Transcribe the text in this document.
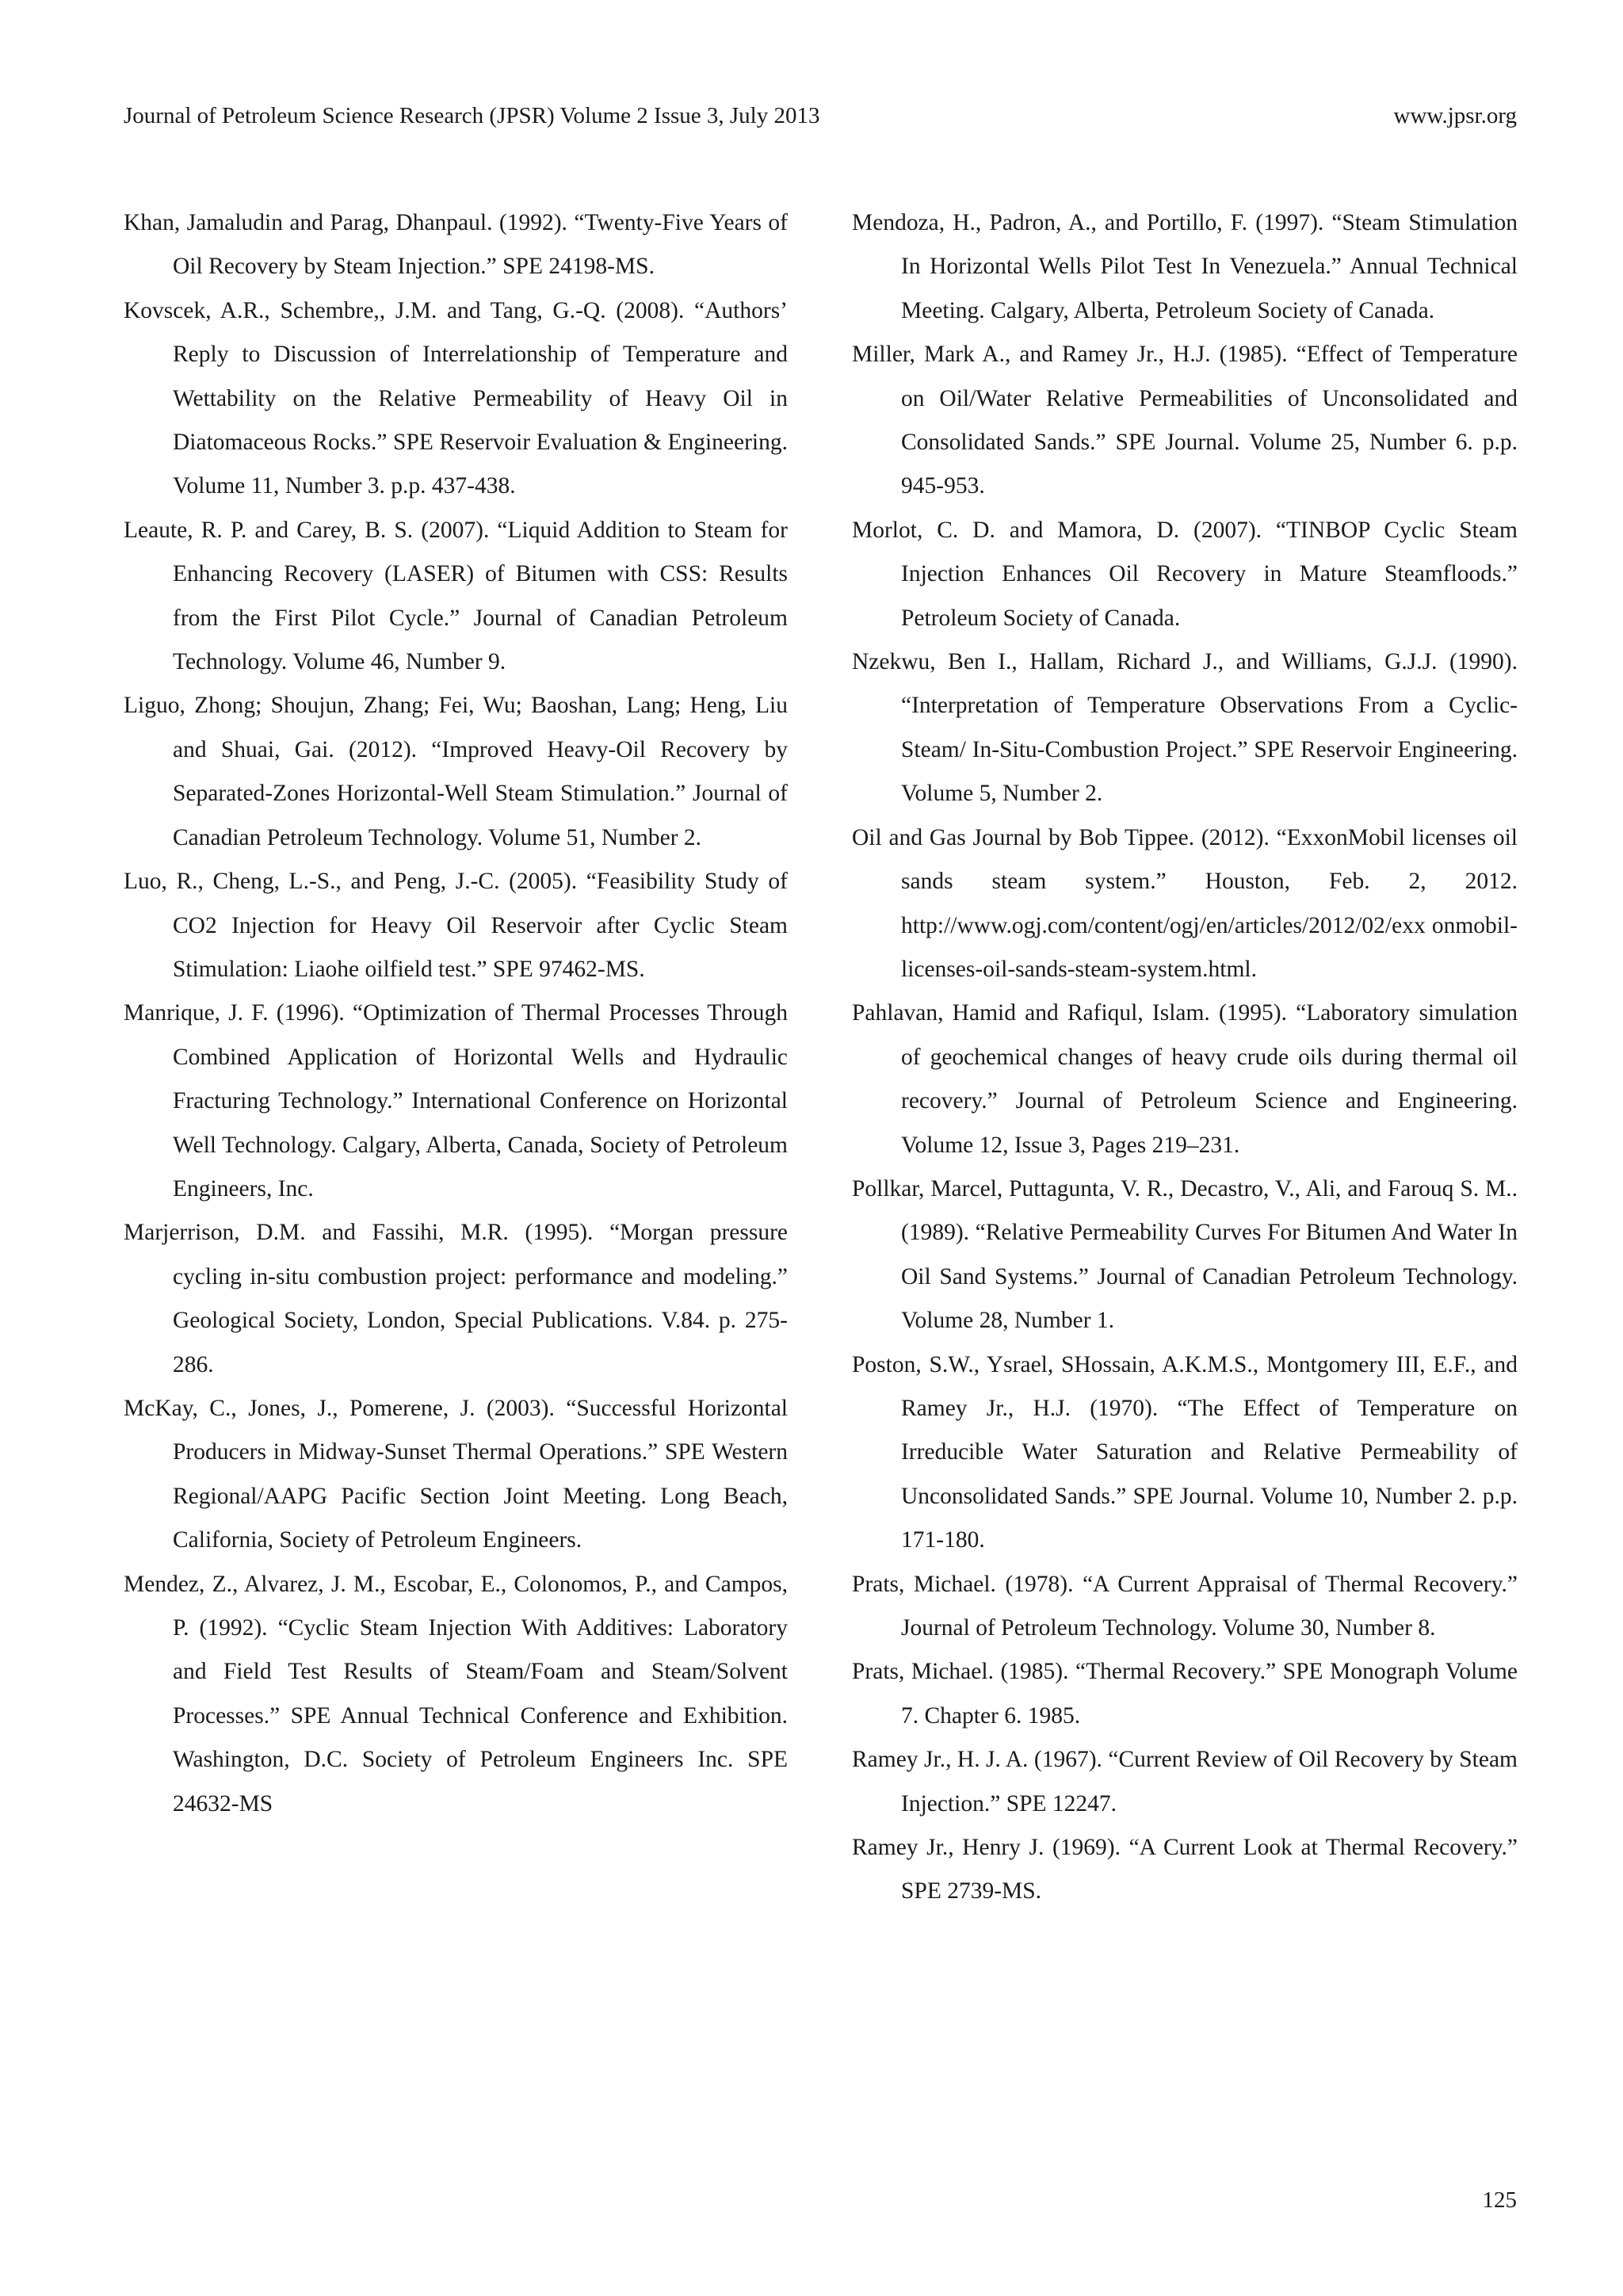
Journal of Petroleum Science Research (JPSR) Volume 2 Issue 3, July 2013	www.jpsr.org

Khan, Jamaludin and Parag, Dhanpaul. (1992). “Twenty-Five Years of Oil Recovery by Steam Injection.” SPE 24198-MS.

Kovscek, A.R., Schembre,, J.M. and Tang, G.-Q. (2008). “Authors’ Reply to Discussion of Interrelationship of Temperature and Wettability on the Relative Permeability of Heavy Oil in Diatomaceous Rocks.” SPE Reservoir Evaluation & Engineering. Volume 11, Number 3. p.p. 437-438.

Leaute, R. P. and Carey, B. S. (2007). “Liquid Addition to Steam for Enhancing Recovery (LASER) of Bitumen with CSS: Results from the First Pilot Cycle.” Journal of Canadian Petroleum Technology. Volume 46, Number 9.

Liguo, Zhong; Shoujun, Zhang; Fei, Wu; Baoshan, Lang; Heng, Liu and Shuai, Gai. (2012). “Improved Heavy-Oil Recovery by Separated-Zones Horizontal-Well Steam Stimulation.” Journal of Canadian Petroleum Technology. Volume 51, Number 2.

Luo, R., Cheng, L.-S., and Peng, J.-C. (2005). “Feasibility Study of CO2 Injection for Heavy Oil Reservoir after Cyclic Steam Stimulation: Liaohe oilfield test.” SPE 97462-MS.

Manrique, J. F. (1996). “Optimization of Thermal Processes Through Combined Application of Horizontal Wells and Hydraulic Fracturing Technology.” International Conference on Horizontal Well Technology. Calgary, Alberta, Canada, Society of Petroleum Engineers, Inc.

Marjerrison, D.M. and Fassihi, M.R. (1995). “Morgan pressure cycling in-situ combustion project: performance and modeling.” Geological Society, London, Special Publications. V.84. p. 275-286.

McKay, C., Jones, J., Pomerene, J. (2003). “Successful Horizontal Producers in Midway-Sunset Thermal Operations.” SPE Western Regional/AAPG Pacific Section Joint Meeting. Long Beach, California, Society of Petroleum Engineers.

Mendez, Z., Alvarez, J. M., Escobar, E., Colonomos, P., and Campos, P. (1992). “Cyclic Steam Injection With Additives: Laboratory and Field Test Results of Steam/Foam and Steam/Solvent Processes.” SPE Annual Technical Conference and Exhibition. Washington, D.C. Society of Petroleum Engineers Inc. SPE 24632-MS

Mendoza, H., Padron, A., and Portillo, F. (1997). “Steam Stimulation In Horizontal Wells Pilot Test In Venezuela.” Annual Technical Meeting. Calgary, Alberta, Petroleum Society of Canada.

Miller, Mark A., and Ramey Jr., H.J. (1985). “Effect of Temperature on Oil/Water Relative Permeabilities of Unconsolidated and Consolidated Sands.” SPE Journal. Volume 25, Number 6. p.p. 945-953.

Morlot, C. D. and Mamora, D. (2007). “TINBOP Cyclic Steam Injection Enhances Oil Recovery in Mature Steamfloods.” Petroleum Society of Canada.

Nzekwu, Ben I., Hallam, Richard J., and Williams, G.J.J. (1990). “Interpretation of Temperature Observations From a Cyclic-Steam/ In-Situ-Combustion Project.” SPE Reservoir Engineering. Volume 5, Number 2.

Oil and Gas Journal by Bob Tippee. (2012). “ExxonMobil licenses oil sands steam system.” Houston, Feb. 2, 2012. http://www.ogj.com/content/ogj/en/articles/2012/02/exx onmobil-licenses-oil-sands-steam-system.html.

Pahlavan, Hamid and Rafiqul, Islam. (1995). “Laboratory simulation of geochemical changes of heavy crude oils during thermal oil recovery.” Journal of Petroleum Science and Engineering. Volume 12, Issue 3, Pages 219–231.

Pollkar, Marcel, Puttagunta, V. R., Decastro, V., Ali, and Farouq S. M.. (1989). “Relative Permeability Curves For Bitumen And Water In Oil Sand Systems.” Journal of Canadian Petroleum Technology. Volume 28, Number 1.

Poston, S.W., Ysrael, SHossain, A.K.M.S., Montgomery III, E.F., and Ramey Jr., H.J. (1970). “The Effect of Temperature on Irreducible Water Saturation and Relative Permeability of Unconsolidated Sands.” SPE Journal. Volume 10, Number 2. p.p. 171-180.

Prats, Michael. (1978). “A Current Appraisal of Thermal Recovery.” Journal of Petroleum Technology. Volume 30, Number 8.

Prats, Michael. (1985). “Thermal Recovery.” SPE Monograph Volume 7. Chapter 6. 1985.

Ramey Jr., H. J. A. (1967). “Current Review of Oil Recovery by Steam Injection.” SPE 12247.

Ramey Jr., Henry J. (1969). “A Current Look at Thermal Recovery.” SPE 2739-MS.

125
